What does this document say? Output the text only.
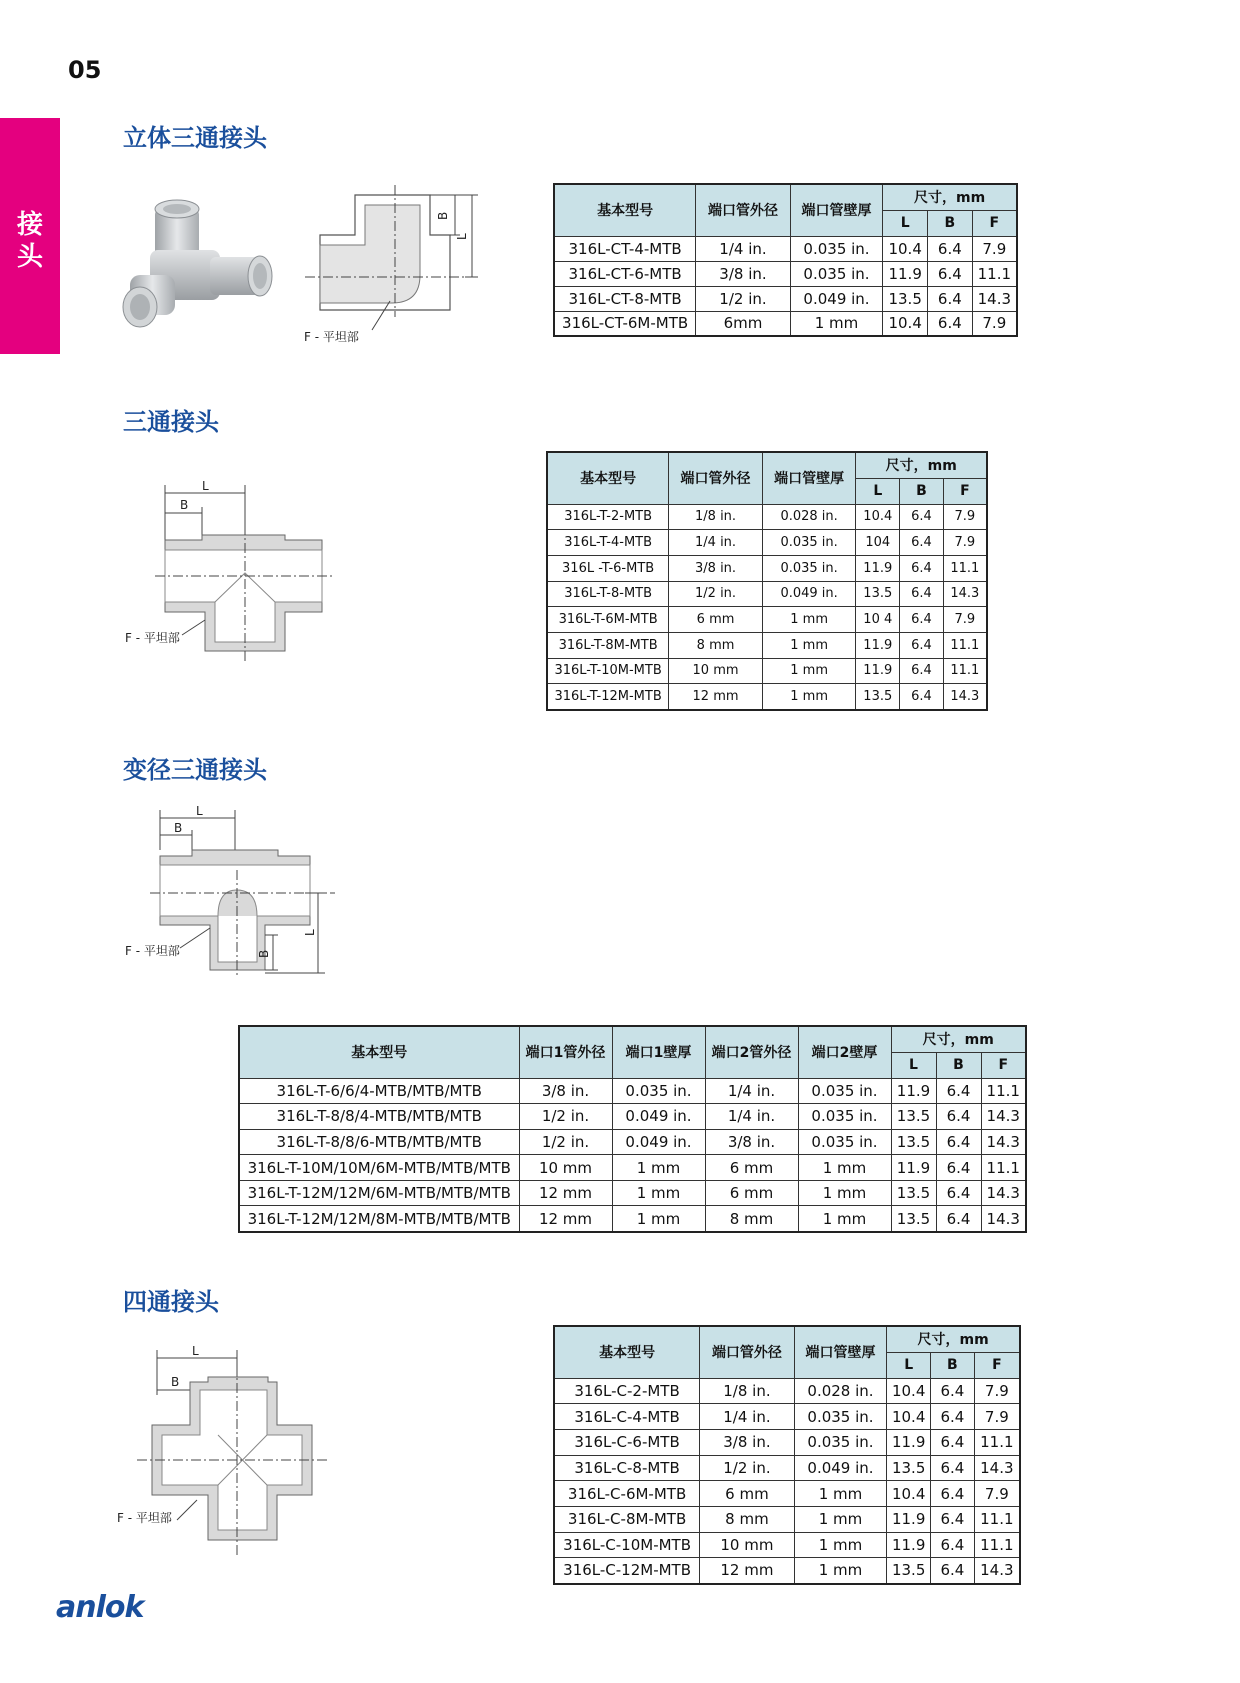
05
接
头
立体三通接头
三通接头
变径三通接头
四通接头
B
L
F - 平坦部
L
B
F - 平坦部
L
B
B
L
F - 平坦部
L
B
F - 平坦部
基本型号	端口管外径	端口管壁厚	尺寸，mm		
			L	B	F
316L-CT-4-MTB	1/4 in.	0.035 in.	10.4	6.4	7.9
316L-CT-6-MTB	3/8 in.	0.035 in.	11.9	6.4	11.1
316L-CT-8-MTB	1/2 in.	0.049 in.	13.5	6.4	14.3
316L-CT-6M-MTB	6mm	1 mm	10.4	6.4	7.9
基本型号	端口管外径	端口管壁厚	尺寸，mm		
			L	B	F
316L-T-2-MTB	1/8 in.	0.028 in.	10.4	6.4	7.9
316L-T-4-MTB	1/4 in.	0.035 in.	104	6.4	7.9
316L -T-6-MTB	3/8 in.	0.035 in.	11.9	6.4	11.1
316L-T-8-MTB	1/2 in.	0.049 in.	13.5	6.4	14.3
316L-T-6M-MTB	6 mm	1 mm	10 4	6.4	7.9
316L-T-8M-MTB	8 mm	1 mm	11.9	6.4	11.1
316L-T-10M-MTB	10 mm	1 mm	11.9	6.4	11.1
316L-T-12M-MTB	12 mm	1 mm	13.5	6.4	14.3
基本型号	端口1管外径	端口1壁厚	端口2管外径	端口2壁厚	尺寸，mm		
					L	B	F
316L-T-6/6/4-MTB/MTB/MTB	3/8 in.	0.035 in.	1/4 in.	0.035 in.	11.9	6.4	11.1
316L-T-8/8/4-MTB/MTB/MTB	1/2 in.	0.049 in.	1/4 in.	0.035 in.	13.5	6.4	14.3
316L-T-8/8/6-MTB/MTB/MTB	1/2 in.	0.049 in.	3/8 in.	0.035 in.	13.5	6.4	14.3
316L-T-10M/10M/6M-MTB/MTB/MTB	10 mm	1 mm	6 mm	1 mm	11.9	6.4	11.1
316L-T-12M/12M/6M-MTB/MTB/MTB	12 mm	1 mm	6 mm	1 mm	13.5	6.4	14.3
316L-T-12M/12M/8M-MTB/MTB/MTB	12 mm	1 mm	8 mm	1 mm	13.5	6.4	14.3
基本型号	端口管外径	端口管壁厚	尺寸，mm		
			L	B	F
316L-C-2-MTB	1/8 in.	0.028 in.	10.4	6.4	7.9
316L-C-4-MTB	1/4 in.	0.035 in.	10.4	6.4	7.9
316L-C-6-MTB	3/8 in.	0.035 in.	11.9	6.4	11.1
316L-C-8-MTB	1/2 in.	0.049 in.	13.5	6.4	14.3
316L-C-6M-MTB	6 mm	1 mm	10.4	6.4	7.9
316L-C-8M-MTB	8 mm	1 mm	11.9	6.4	11.1
316L-C-10M-MTB	10 mm	1 mm	11.9	6.4	11.1
316L-C-12M-MTB	12 mm	1 mm	13.5	6.4	14.3
anlok
